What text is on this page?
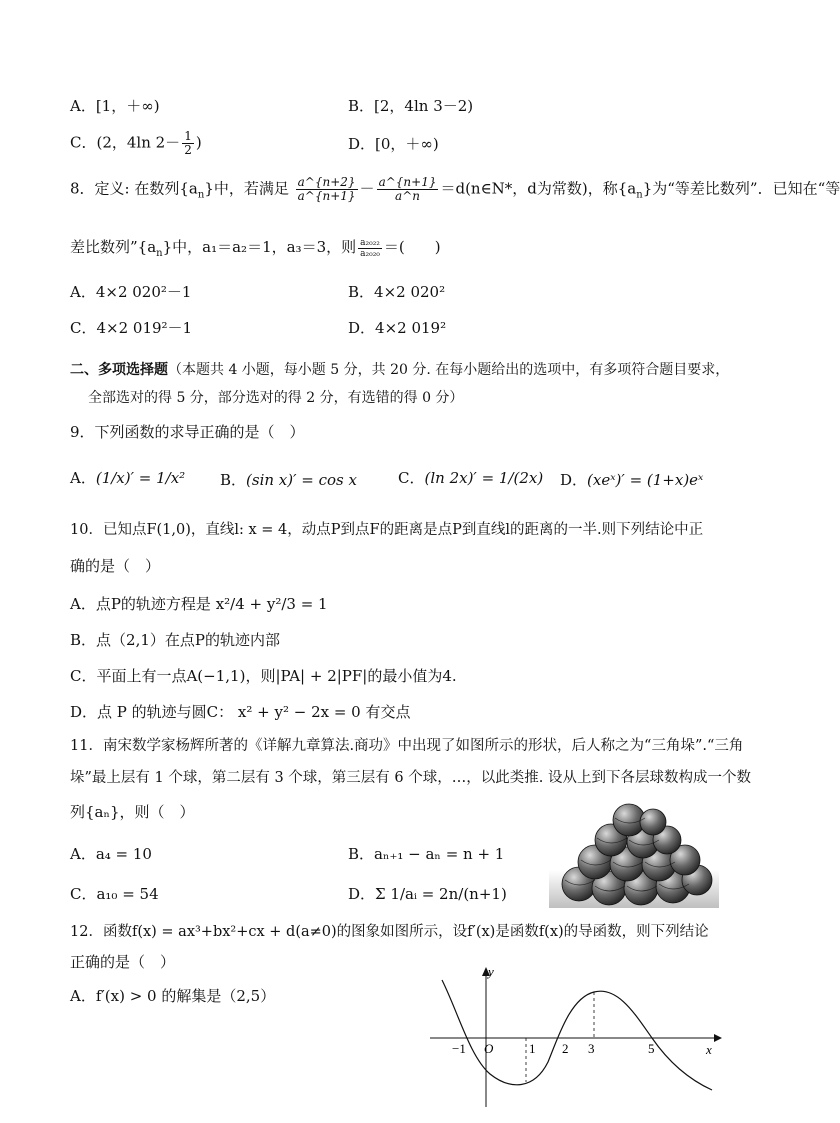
A．[1，＋∞)	B．[2，4ln 3－2)
C．(2，4ln $2- \frac{1}{2}$ )	D．[0，＋∞)
8．定义: 在数列$\{a_n\}$中，若满足 $\frac{a\^{}\{n+2\}}{a\^{}\{n+1\}} - \frac{a\^{}\{n+1\}}{a\^{}n}$ ＝d(n∈N*，d为常数)，称$\{a_n\}$为“等差比数列”．已知在“等
差比数列$”\{a_n\}$中，a₁＝a₂＝1，a₃＝3，则 $\frac{\text{a₂₀₂₂}}{\text{a₂₀₂₀}}$ ＝(　　)
A．4×2 020²－1	B．4×2 020²
C．4×2 019²－1	D．4×2 019²
二、多项选择题（本题共 4 小题，每小题 5 分，共 20 分. 在每小题给出的选项中，有多项符合题目要求，
全部选对的得 5 分，部分选对的得 2 分，有选错的得 0 分）
9．下列函数的求导正确的是（　）
A．(1/x)′ = 1/x² B．(sin x)′ = cos x	C．(ln 2x)′ = 1/(2x) D．(xeˣ)′ = (1+x)eˣ
10．已知点F(1,0)，直线l: x = 4，动点P到点F的距离是点P到直线l的距离的一半.则下列结论中正
确的是（　）
A．点P的轨迹方程是 x²/4 + y²/3 = 1
B．点（2,1）在点P的轨迹内部
C．平面上有一点A(−1,1)，则|PA| + 2|PF|的最小值为4.
D．点 P 的轨迹与圆C： x² + y² − 2x = 0 有交点
11．南宋数学家杨辉所著的《详解九章算法.商功》中出现了如图所示的形状，后人称之为“三角垛”.“三角
垛”最上层有 1 个球，第二层有 3 个球，第三层有 6 个球，…，以此类推. 设从上到下各层球数构成一个数
列{aₙ}，则（　）
A．a₄ = 10	B．aₙ₊₁ − aₙ = n + 1
C．a₁₀ = 54	D．Σ 1/aᵢ = 2n/(n+1)
12．函数f(x) = ax³+bx²+cx + d(a≠0)的图象如图所示，设f′(x)是函数f(x)的导函数，则下列结论
正确的是（　）
A．f′(x) > 0 的解集是（2,5）
y
x
O
−1	1 2 3	5
